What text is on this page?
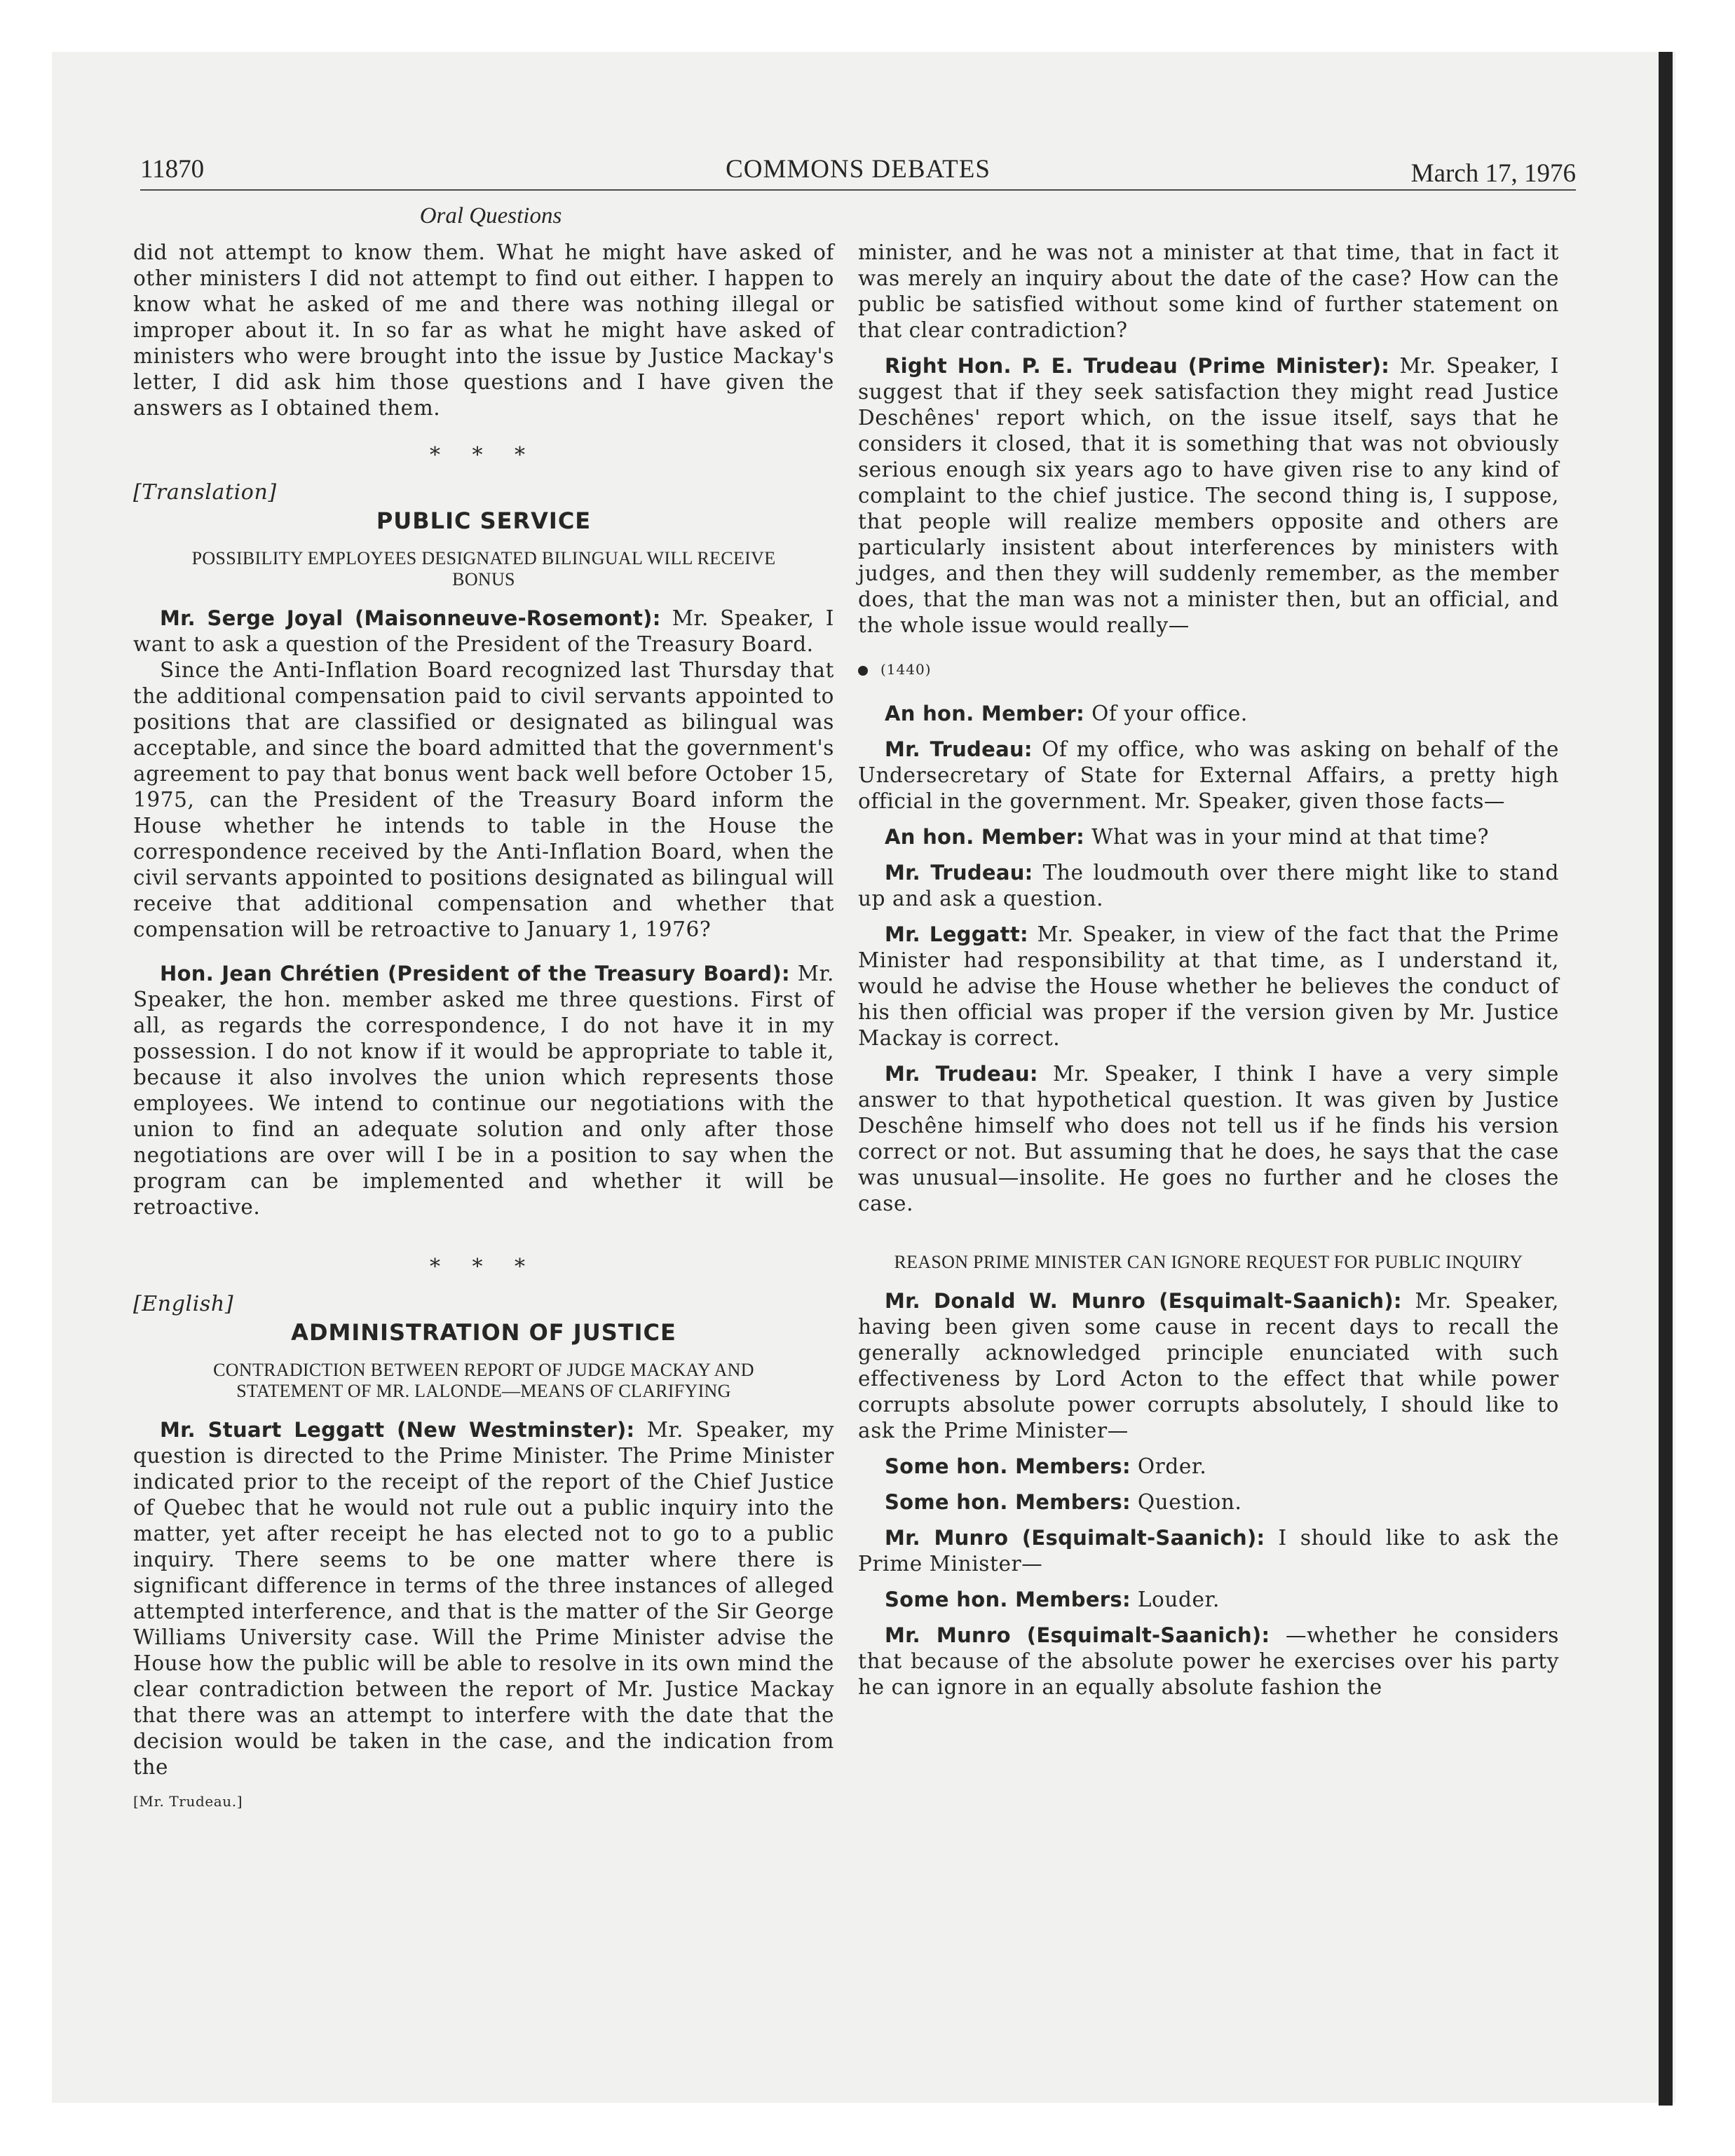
11870	COMMONS DEBATES	March 17, 1976
Oral Questions

did not attempt to know them. What he might have asked of other ministers I did not attempt to find out either. I happen to know what he asked of me and there was nothing illegal or improper about it. In so far as what he might have asked of ministers who were brought into the issue by Justice Mackay's letter, I did ask him those questions and I have given the answers as I obtained them.

* * *
[Translation]
PUBLIC SERVICE
POSSIBILITY EMPLOYEES DESIGNATED BILINGUAL WILL RECEIVE BONUS

Mr. Serge Joyal (Maisonneuve-Rosemont): Mr. Speaker, I want to ask a question of the President of the Treasury Board.

Since the Anti-Inflation Board recognized last Thursday that the additional compensation paid to civil servants appointed to positions that are classified or designated as bilingual was acceptable, and since the board admitted that the government's agreement to pay that bonus went back well before October 15, 1975, can the President of the Treasury Board inform the House whether he intends to table in the House the correspondence received by the Anti-Inflation Board, when the civil servants appointed to positions designated as bilingual will receive that additional compensation and whether that compensation will be retroactive to January 1, 1976?

Hon. Jean Chrétien (President of the Treasury Board): Mr. Speaker, the hon. member asked me three questions. First of all, as regards the correspondence, I do not have it in my possession. I do not know if it would be appropriate to table it, because it also involves the union which represents those employees. We intend to continue our negotiations with the union to find an adequate solution and only after those negotiations are over will I be in a position to say when the program can be implemented and whether it will be retroactive.

* * *
[English]
ADMINISTRATION OF JUSTICE
CONTRADICTION BETWEEN REPORT OF JUDGE MACKAY AND STATEMENT OF MR. LALONDE—MEANS OF CLARIFYING

Mr. Stuart Leggatt (New Westminster): Mr. Speaker, my question is directed to the Prime Minister. The Prime Minister indicated prior to the receipt of the report of the Chief Justice of Quebec that he would not rule out a public inquiry into the matter, yet after receipt he has elected not to go to a public inquiry. There seems to be one matter where there is significant difference in terms of the three instances of alleged attempted interference, and that is the matter of the Sir George Williams University case. Will the Prime Minister advise the House how the public will be able to resolve in its own mind the clear contradiction between the report of Mr. Justice Mackay that there was an attempt to interfere with the date that the decision would be taken in the case, and the indication from the

[Mr. Trudeau.]

minister, and he was not a minister at that time, that in fact it was merely an inquiry about the date of the case? How can the public be satisfied without some kind of further statement on that clear contradiction?

Right Hon. P. E. Trudeau (Prime Minister): Mr. Speaker, I suggest that if they seek satisfaction they might read Justice Deschênes' report which, on the issue itself, says that he considers it closed, that it is something that was not obviously serious enough six years ago to have given rise to any kind of complaint to the chief justice. The second thing is, I suppose, that people will realize members opposite and others are particularly insistent about interferences by ministers with judges, and then they will suddenly remember, as the member does, that the man was not a minister then, but an official, and the whole issue would really—

(1440)

An hon. Member: Of your office.

Mr. Trudeau: Of my office, who was asking on behalf of the Undersecretary of State for External Affairs, a pretty high official in the government. Mr. Speaker, given those facts—

An hon. Member: What was in your mind at that time?

Mr. Trudeau: The loudmouth over there might like to stand up and ask a question.

Mr. Leggatt: Mr. Speaker, in view of the fact that the Prime Minister had responsibility at that time, as I understand it, would he advise the House whether he believes the conduct of his then official was proper if the version given by Mr. Justice Mackay is correct.

Mr. Trudeau: Mr. Speaker, I think I have a very simple answer to that hypothetical question. It was given by Justice Deschêne himself who does not tell us if he finds his version correct or not. But assuming that he does, he says that the case was unusual—insolite. He goes no further and he closes the case.

REASON PRIME MINISTER CAN IGNORE REQUEST FOR PUBLIC INQUIRY

Mr. Donald W. Munro (Esquimalt-Saanich): Mr. Speaker, having been given some cause in recent days to recall the generally acknowledged principle enunciated with such effectiveness by Lord Acton to the effect that while power corrupts absolute power corrupts absolutely, I should like to ask the Prime Minister—

Some hon. Members: Order.

Some hon. Members: Question.

Mr. Munro (Esquimalt-Saanich): I should like to ask the Prime Minister—

Some hon. Members: Louder.

Mr. Munro (Esquimalt-Saanich): —whether he considers that because of the absolute power he exercises over his party he can ignore in an equally absolute fashion the
